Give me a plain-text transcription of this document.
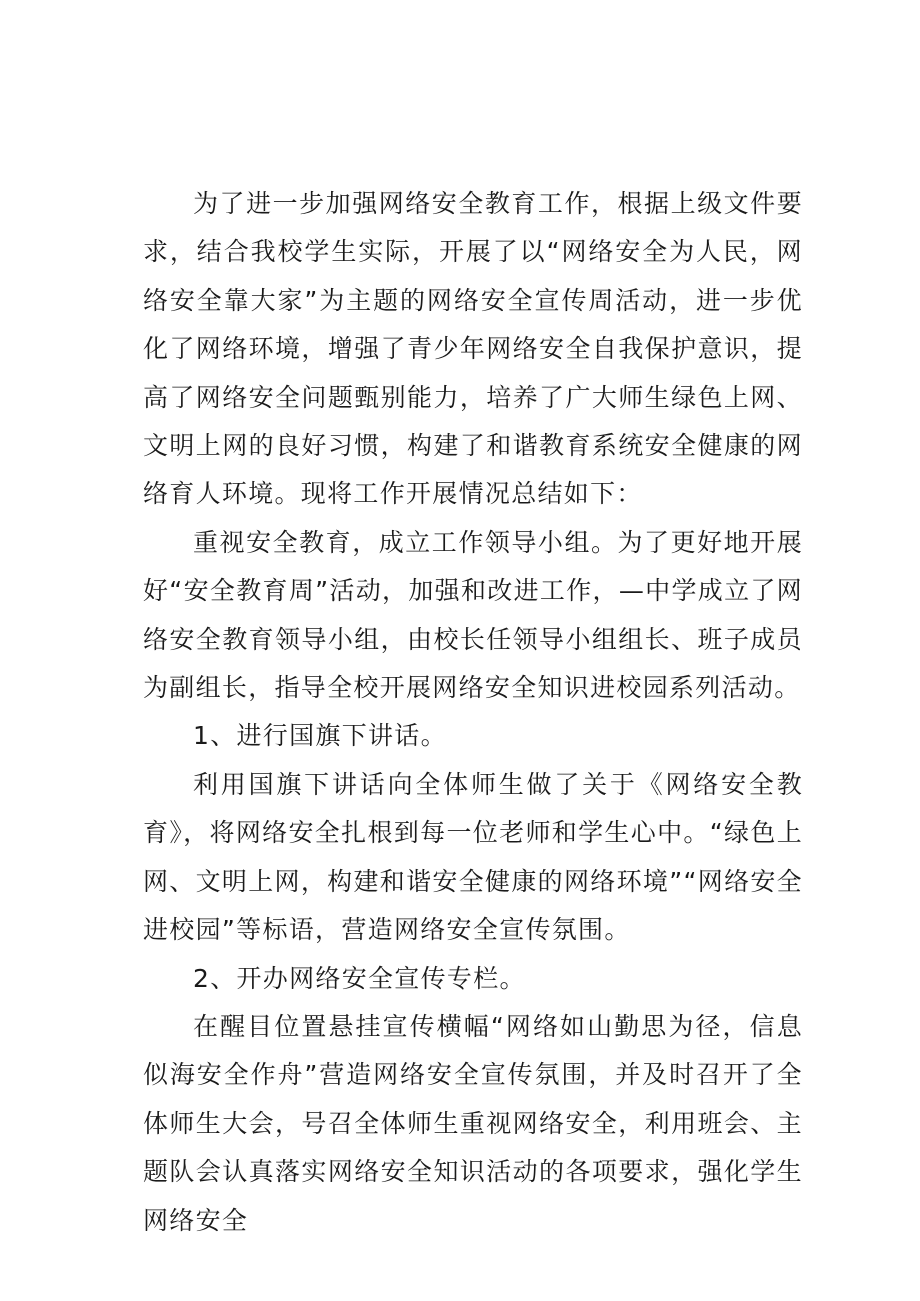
为了进一步加强网络安全教育工作，根据上级文件要求，结合我校学生实际，开展了以“网络安全为人民，网络安全靠大家”为主题的网络安全宣传周活动，进一步优化了网络环境，增强了青少年网络安全自我保护意识，提高了网络安全问题甄别能力，培养了广大师生绿色上网、文明上网的良好习惯，构建了和谐教育系统安全健康的网络育人环境。现将工作开展情况总结如下：

重视安全教育，成立工作领导小组。为了更好地开展好“安全教育周”活动，加强和改进工作，—中学成立了网络安全教育领导小组，由校长任领导小组组长、班子成员为副组长，指导全校开展网络安全知识进校园系列活动。

1、进行国旗下讲话。

利用国旗下讲话向全体师生做了关于《网络安全教育》，将网络安全扎根到每一位老师和学生心中。“绿色上网、文明上网，构建和谐安全健康的网络环境”“网络安全进校园”等标语，营造网络安全宣传氛围。

2、开办网络安全宣传专栏。

在醒目位置悬挂宣传横幅“网络如山勤思为径，信息似海安全作舟”营造网络安全宣传氛围，并及时召开了全体师生大会，号召全体师生重视网络安全，利用班会、主题队会认真落实网络安全知识活动的各项要求，强化学生网络安全
